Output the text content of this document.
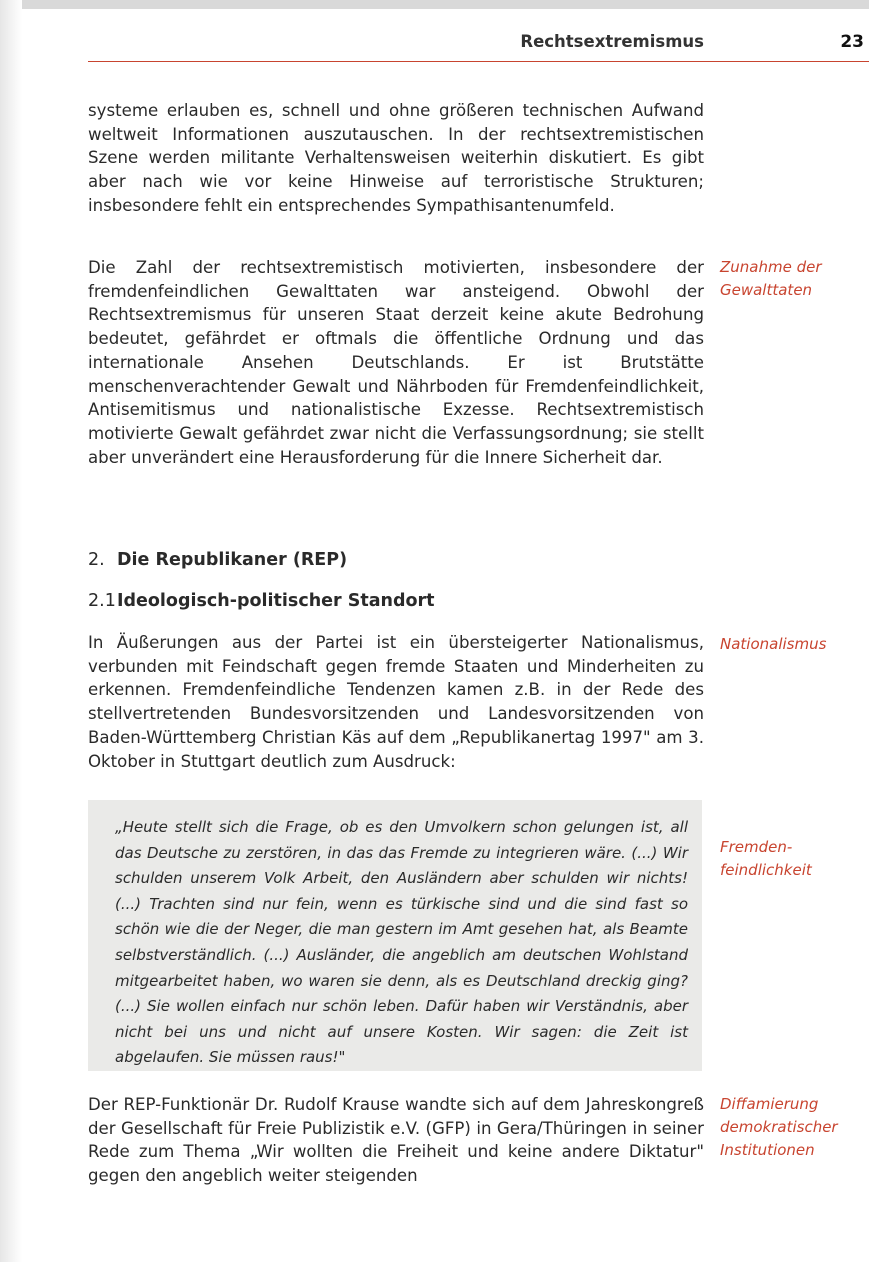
Rechtsextremismus	23

systeme erlauben es, schnell und ohne größeren technischen Aufwand weltweit Informationen auszutauschen. In der rechtsextremistischen Szene werden militante Verhaltensweisen weiterhin diskutiert. Es gibt aber nach wie vor keine Hinweise auf terroristische Strukturen; insbesondere fehlt ein entsprechendes Sympathisantenumfeld.

Die Zahl der rechtsextremistisch motivierten, insbesondere der fremdenfeindlichen Gewalttaten war ansteigend. Obwohl der Rechtsextremismus für unseren Staat derzeit keine akute Bedrohung bedeutet, gefährdet er oftmals die öffentliche Ordnung und das internationale Ansehen Deutschlands. Er ist Brutstätte menschenverachtender Gewalt und Nährboden für Fremdenfeindlichkeit, Antisemitismus und nationalistische Exzesse. Rechtsextremistisch motivierte Gewalt gefährdet zwar nicht die Verfassungsordnung; sie stellt aber unverändert eine Herausforderung für die Innere Sicherheit dar.

Zunahme der
Gewalttaten
2. Die Republikaner (REP)
2.1Ideologisch-politischer Standort

In Äußerungen aus der Partei ist ein übersteigerter Nationalismus, verbunden mit Feindschaft gegen fremde Staaten und Minderheiten zu erkennen. Fremdenfeindliche Tendenzen kamen z.B. in der Rede des stellvertretenden Bundesvorsitzenden und Landesvorsitzenden von Baden-Württemberg Christian Käs auf dem „Republikanertag 1997" am 3. Oktober in Stuttgart deutlich zum Ausdruck:

Nationalismus

„Heute stellt sich die Frage, ob es den Umvolkern schon gelungen ist, all das Deutsche zu zerstören, in das das Fremde zu integrieren wäre. (...) Wir schulden unserem Volk Arbeit, den Ausländern aber schulden wir nichts! (...) Trachten sind nur fein, wenn es türkische sind und die sind fast so schön wie die der Neger, die man gestern im Amt gesehen hat, als Beamte selbstverständlich. (...) Ausländer, die angeblich am deutschen Wohlstand mitgearbeitet haben, wo waren sie denn, als es Deutschland dreckig ging? (...) Sie wollen einfach nur schön leben. Dafür haben wir Verständnis, aber nicht bei uns und nicht auf unsere Kosten. Wir sagen: die Zeit ist abgelaufen. Sie müssen raus!"

Fremden-
feindlichkeit

Der REP-Funktionär Dr. Rudolf Krause wandte sich auf dem Jahreskongreß der Gesellschaft für Freie Publizistik e.V. (GFP) in Gera/Thüringen in seiner Rede zum Thema „Wir wollten die Freiheit und keine andere Diktatur" gegen den angeblich weiter steigenden

Diffamierung
demokratischer
Institutionen
